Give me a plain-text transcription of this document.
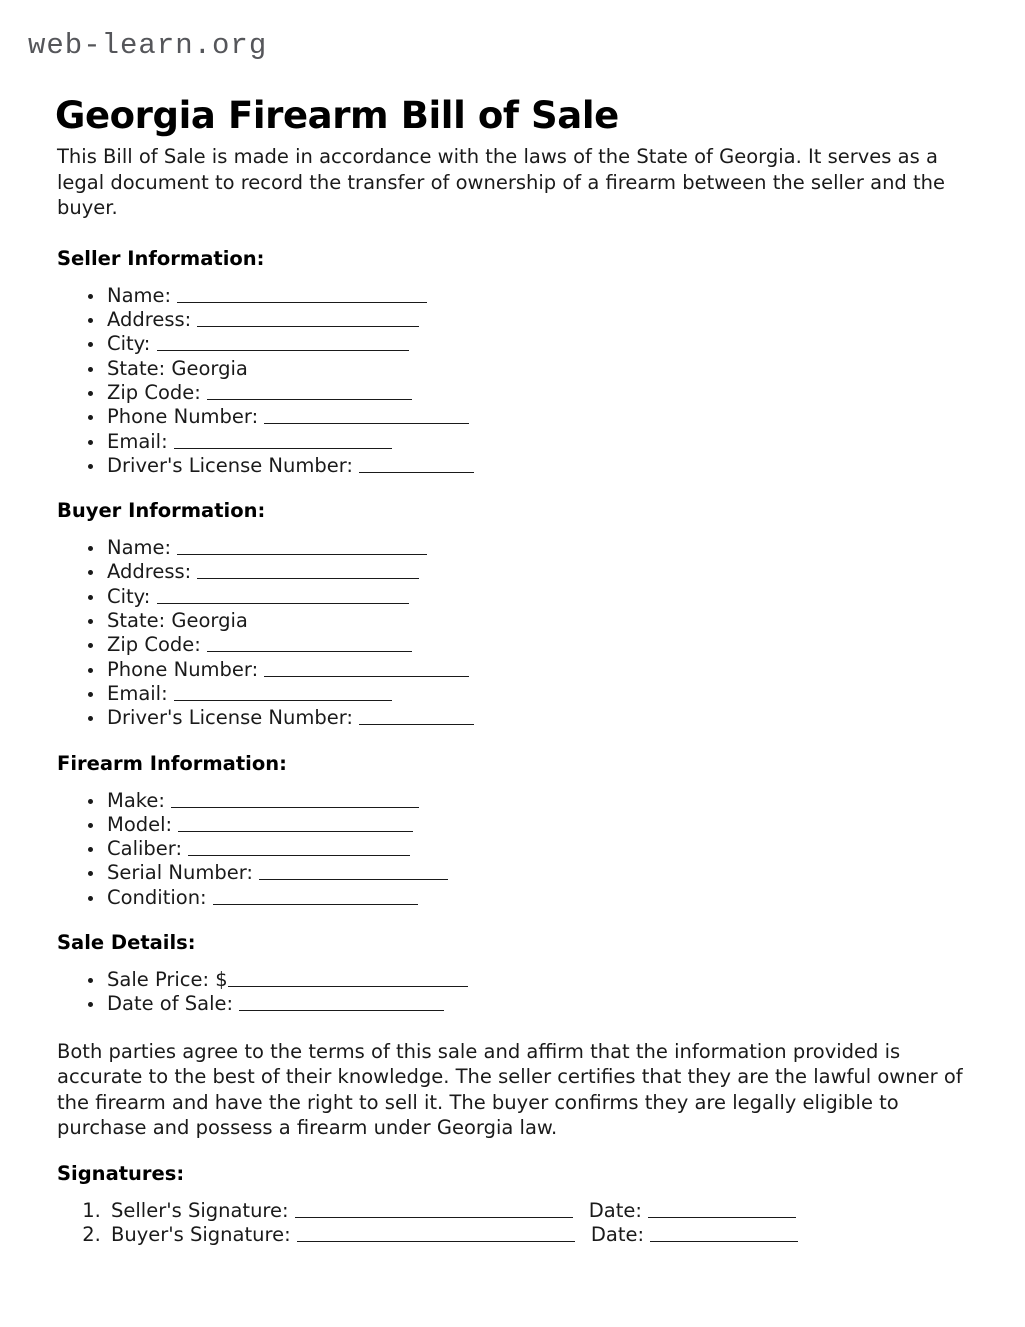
web-learn.org
Georgia Firearm Bill of Sale

This Bill of Sale is made in accordance with the laws of the State of Georgia. It serves as a legal document to record the transfer of ownership of a firearm between the seller and the buyer.

Seller Information:
• Name:
• Address:
• City:
• State: Georgia
• Zip Code:
• Phone Number:
• Email:
• Driver's License Number:
Buyer Information:
• Name:
• Address:
• City:
• State: Georgia
• Zip Code:
• Phone Number:
• Email:
• Driver's License Number:
Firearm Information:
• Make:
• Model:
• Caliber:
• Serial Number:
• Condition:
Sale Details:
• Sale Price: $
• Date of Sale:

Both parties agree to the terms of this sale and affirm that the information provided is accurate to the best of their knowledge. The seller certifies that they are the lawful owner of the firearm and have the right to sell it. The buyer confirms they are legally eligible to purchase and possess a firearm under Georgia law.

Signatures:
1. Seller's Signature:	Date:
2. Buyer's Signature:	Date:
